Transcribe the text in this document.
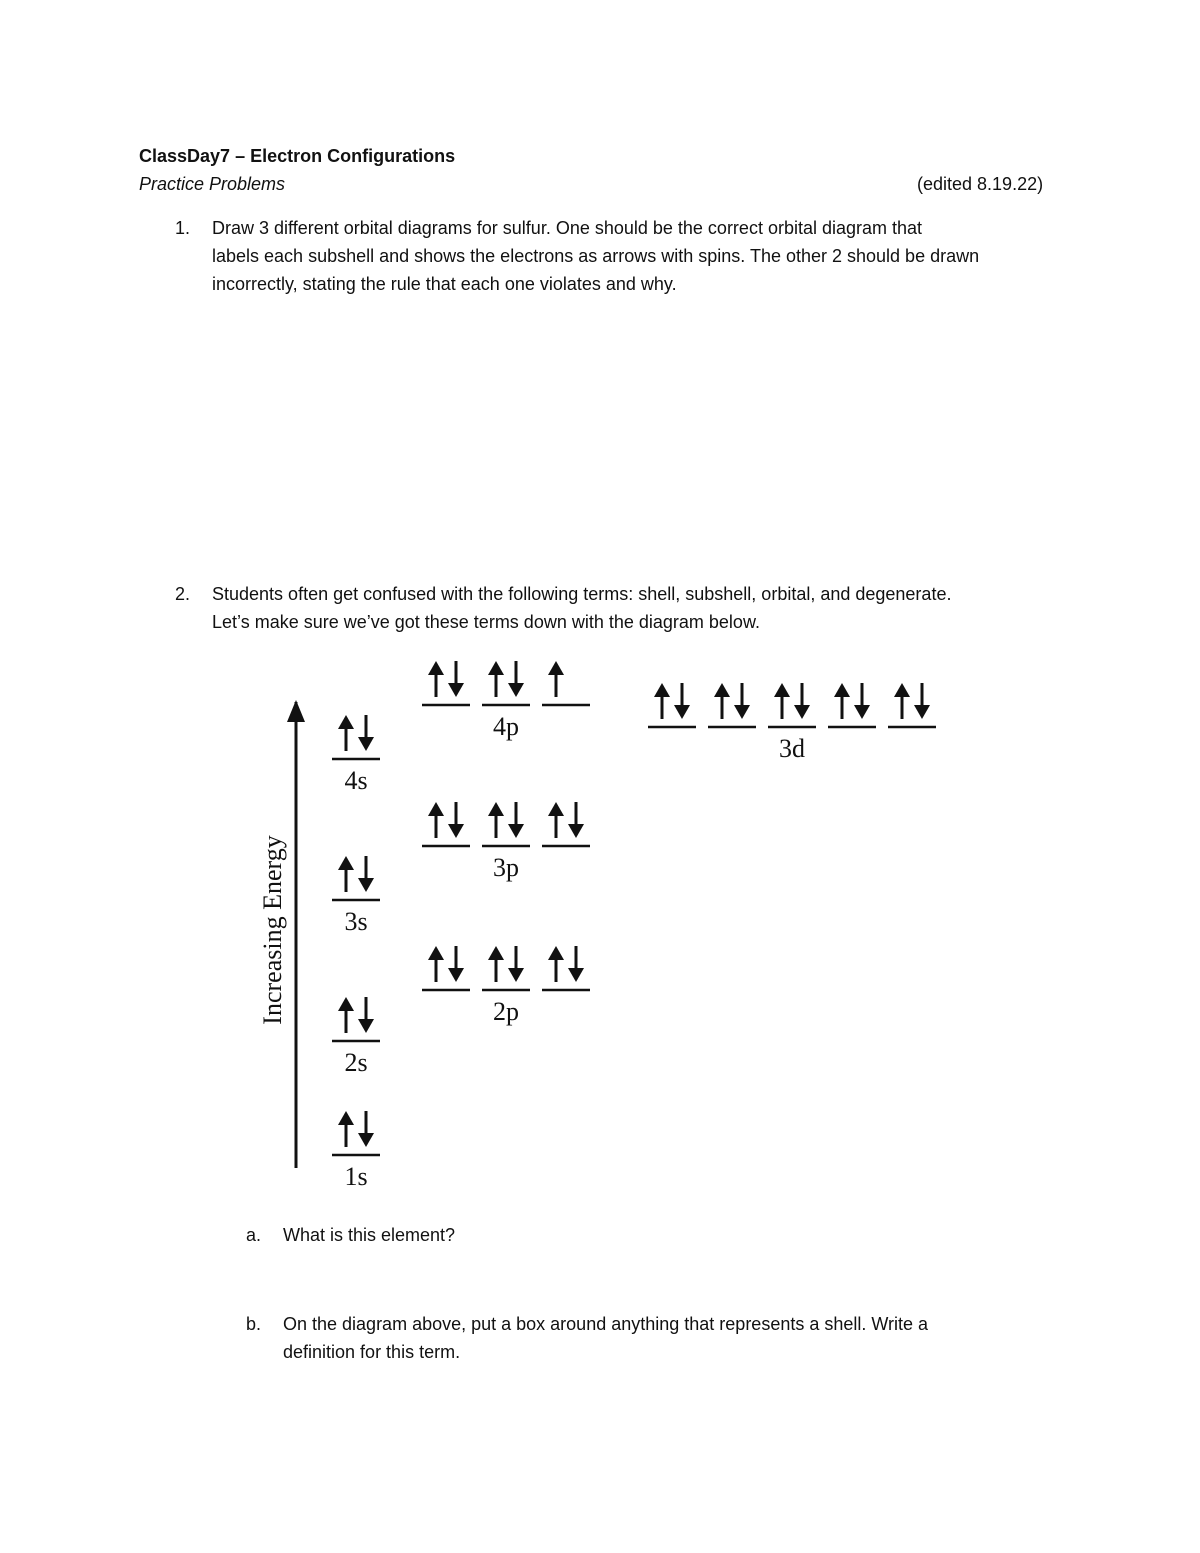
ClassDay7 – Electron Configurations
Practice Problems	(edited 8.19.22)
1. Draw 3 different orbital diagrams for sulfur. One should be the correct orbital diagram that
labels each subshell and shows the electrons as arrows with spins. The other 2 should be drawn
incorrectly, stating the rule that each one violates and why.
2. Students often get confused with the following terms: shell, subshell, orbital, and degenerate.
Let’s make sure we’ve got these terms down with the diagram below.
Increasing Energy
1s
2s
2p
3s
3p
4s
3d
4p
a. What is this element?
b. On the diagram above, put a box around anything that represents a shell. Write a
definition for this term.
